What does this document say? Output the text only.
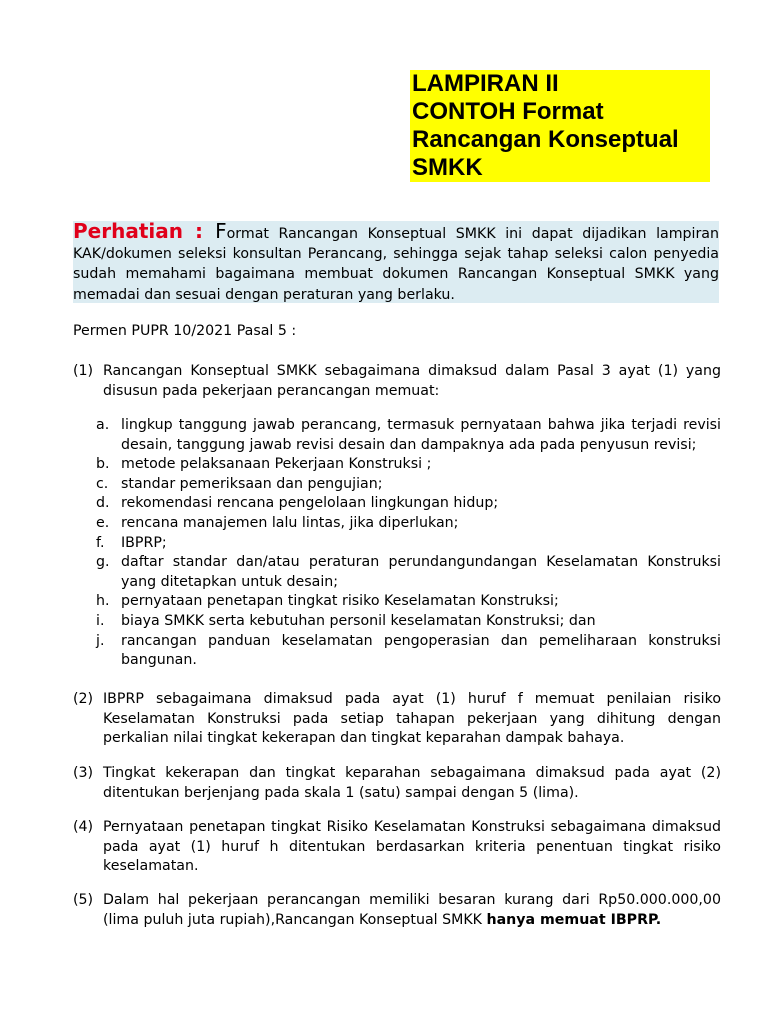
LAMPIRAN II
CONTOH Format
Rancangan Konseptual
SMKK

Perhatian : Format Rancangan Konseptual SMKK ini dapat dijadikan lampiran KAK/dokumen seleksi konsultan Perancang, sehingga sejak tahap seleksi calon penyedia sudah memahami bagaimana membuat dokumen Rancangan Konseptual SMKK yang memadai dan sesuai dengan peraturan yang berlaku.

Permen PUPR 10/2021 Pasal 5 :
(1) Rancangan Konseptual SMKK sebagaimana dimaksud dalam Pasal 3 ayat (1) yang disusun pada pekerjaan perancangan memuat:
a. lingkup tanggung jawab perancang, termasuk pernyataan bahwa jika terjadi revisi desain, tanggung jawab revisi desain dan dampaknya ada pada penyusun revisi;
b. metode pelaksanaan Pekerjaan Konstruksi ;
c. standar pemeriksaan dan pengujian;
d. rekomendasi rencana pengelolaan lingkungan hidup;
e. rencana manajemen lalu lintas, jika diperlukan;
f.	IBPRP;
g. daftar standar dan/atau peraturan perundangundangan Keselamatan Konstruksi yang ditetapkan untuk desain;
h. pernyataan penetapan tingkat risiko Keselamatan Konstruksi;
i.	biaya SMKK serta kebutuhan personil keselamatan Konstruksi; dan
j.	rancangan panduan keselamatan pengoperasian dan pemeliharaan konstruksi bangunan.
(2) IBPRP sebagaimana dimaksud pada ayat (1) huruf f memuat penilaian risiko Keselamatan Konstruksi pada setiap tahapan pekerjaan yang dihitung dengan perkalian nilai tingkat kekerapan dan tingkat keparahan dampak bahaya.
(3) Tingkat kekerapan dan tingkat keparahan sebagaimana dimaksud pada ayat (2) ditentukan berjenjang pada skala 1 (satu) sampai dengan 5 (lima).
(4) Pernyataan penetapan tingkat Risiko Keselamatan Konstruksi sebagaimana dimaksud pada ayat (1) huruf h ditentukan berdasarkan kriteria penentuan tingkat risiko keselamatan.
(5) Dalam hal pekerjaan perancangan memiliki besaran kurang dari Rp50.000.000,00 (lima puluh juta rupiah),Rancangan Konseptual SMKK hanya memuat IBPRP.
